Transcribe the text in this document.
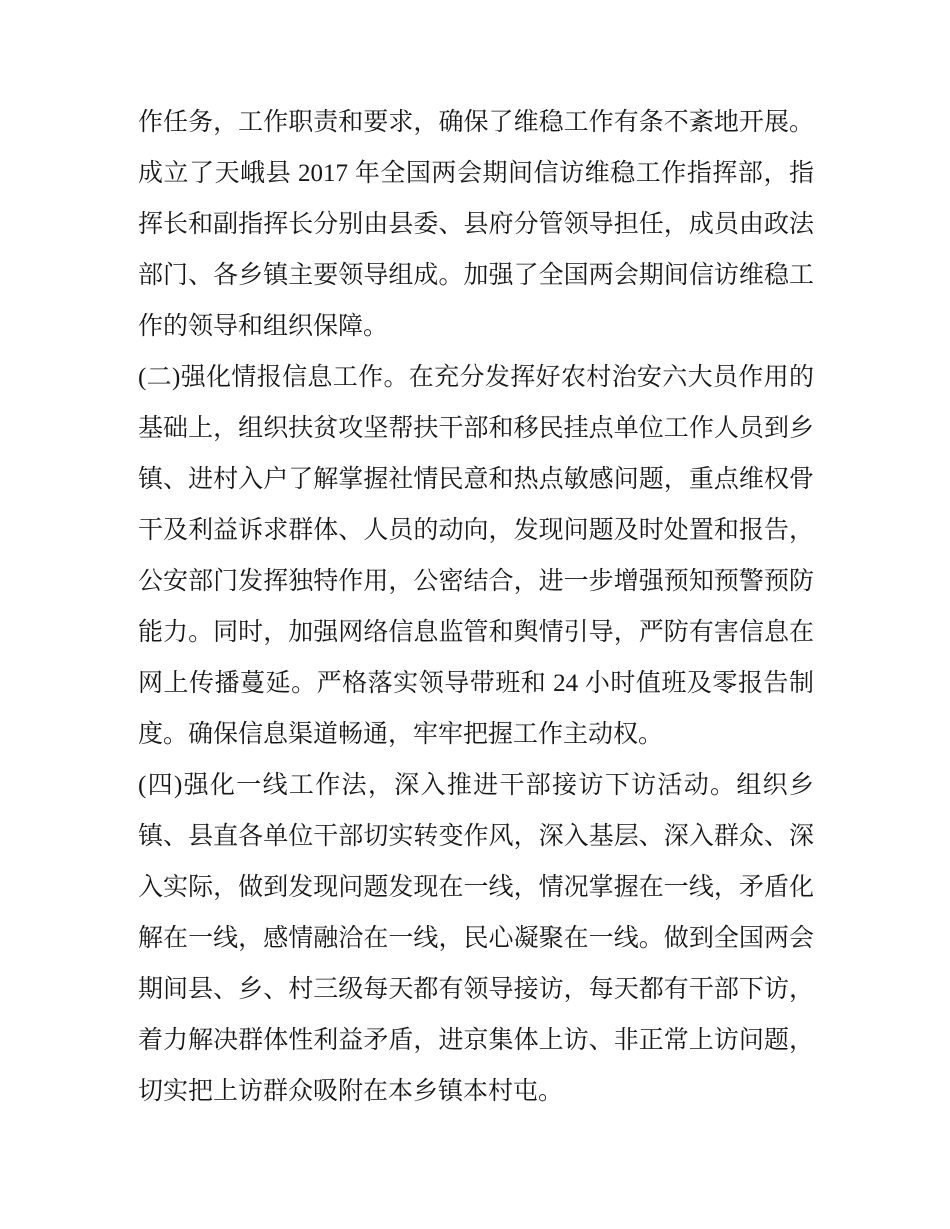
作任务，工作职责和要求，确保了维稳工作有条不紊地开展。
成立了天峨县 2017 年全国两会期间信访维稳工作指挥部，指
挥长和副指挥长分别由县委、县府分管领导担任，成员由政法
部门、各乡镇主要领导组成。加强了全国两会期间信访维稳工
作的领导和组织保障。
(二)强化情报信息工作。在充分发挥好农村治安六大员作用的
基础上，组织扶贫攻坚帮扶干部和移民挂点单位工作人员到乡
镇、进村入户了解掌握社情民意和热点敏感问题，重点维权骨
干及利益诉求群体、人员的动向，发现问题及时处置和报告，
公安部门发挥独特作用，公密结合，进一步增强预知预警预防
能力。同时，加强网络信息监管和舆情引导，严防有害信息在
网上传播蔓延。严格落实领导带班和 24 小时值班及零报告制
度。确保信息渠道畅通，牢牢把握工作主动权。
(四)强化一线工作法，深入推进干部接访下访活动。组织乡
镇、县直各单位干部切实转变作风，深入基层、深入群众、深
入实际，做到发现问题发现在一线，情况掌握在一线，矛盾化
解在一线，感情融洽在一线，民心凝聚在一线。做到全国两会
期间县、乡、村三级每天都有领导接访，每天都有干部下访，
着力解决群体性利益矛盾，进京集体上访、非正常上访问题，
切实把上访群众吸附在本乡镇本村屯。
